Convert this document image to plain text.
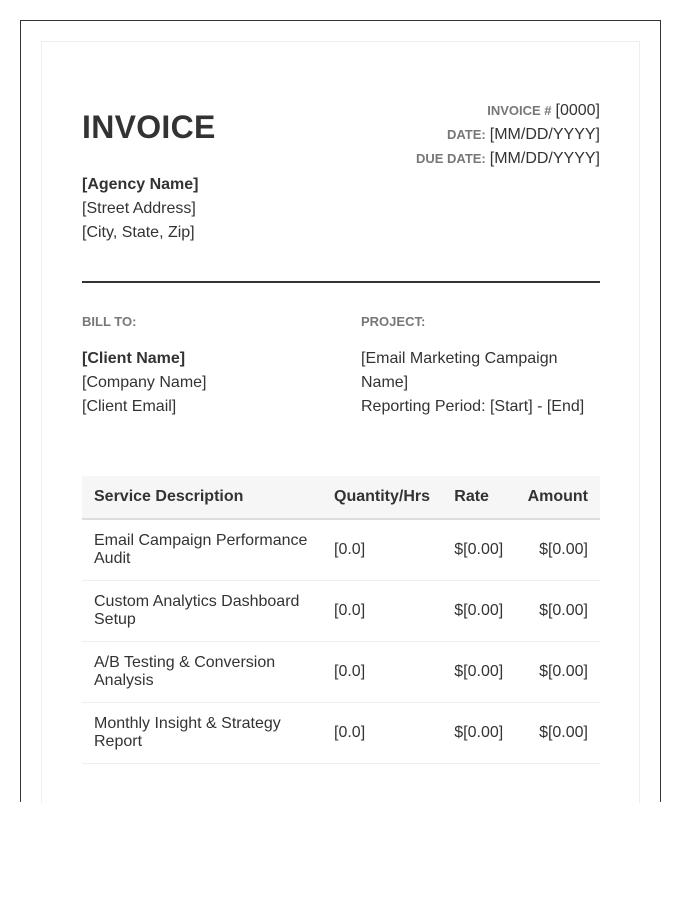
INVOICE	INVOICE # [0000]
DATE: [MM/DD/YYYY]
DUE DATE: [MM/DD/YYYY]
[Agency Name]
[Street Address]
[City, State, Zip]
BILL TO:	PROJECT:
[Client Name]
[Company Name]
[Client Email]
[Email Marketing Campaign Name]
Reporting Period: [Start] - [End]
Service Description	Quantity/Hrs	Rate	Amount
Email Campaign Performance Audit	[0.0]	$[0.00]	$[0.00]
Custom Analytics Dashboard Setup	[0.0]	$[0.00]	$[0.00]
A/B Testing & Conversion Analysis	[0.0]	$[0.00]	$[0.00]
Monthly Insight & Strategy Report	[0.0]	$[0.00]	$[0.00]
